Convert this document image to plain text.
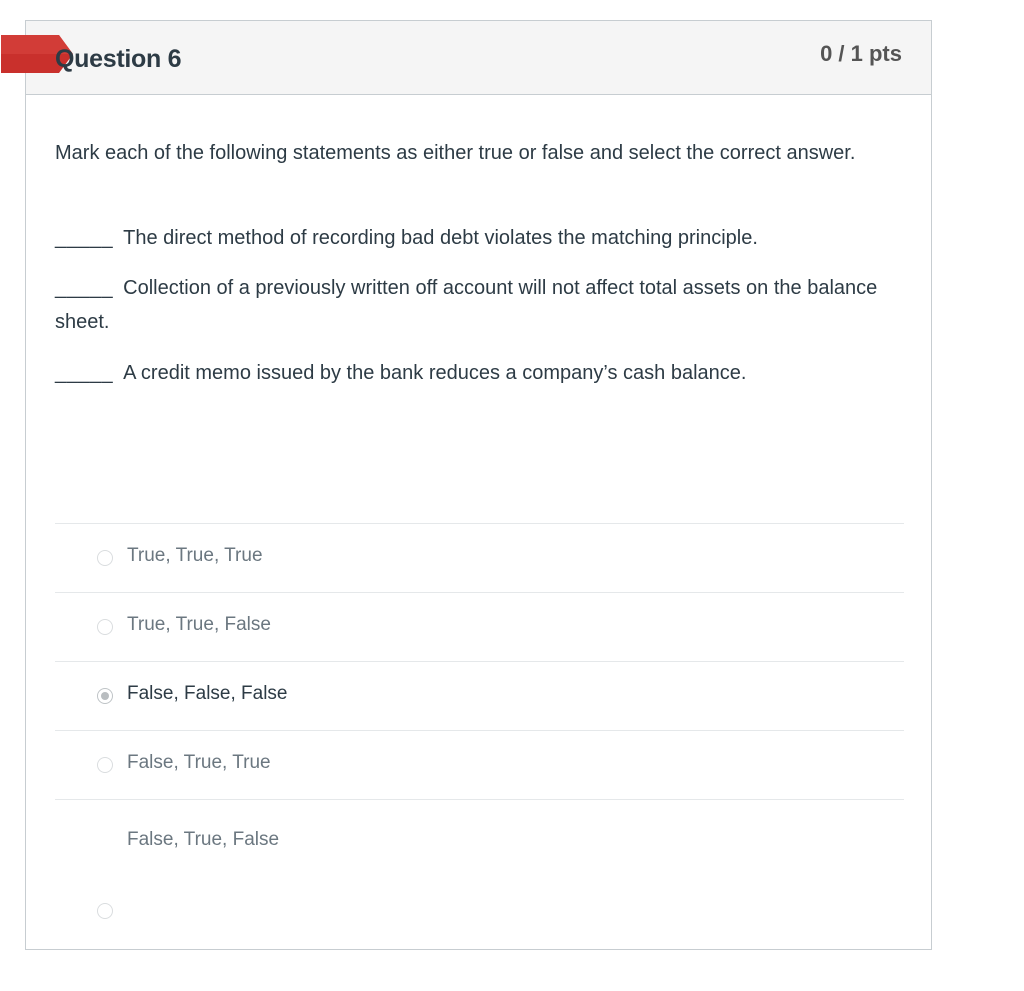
Question 6	0 / 1 pts

Mark each of the following statements as either true or false and select the correct answer.

_____ The direct method of recording bad debt violates the matching principle.

_____ Collection of a previously written off account will not affect total assets on the balance sheet.

_____ A credit memo issued by the bank reduces a company’s cash balance.

True, True, True
True, True, False
False, False, False
False, True, True
False, True, False
